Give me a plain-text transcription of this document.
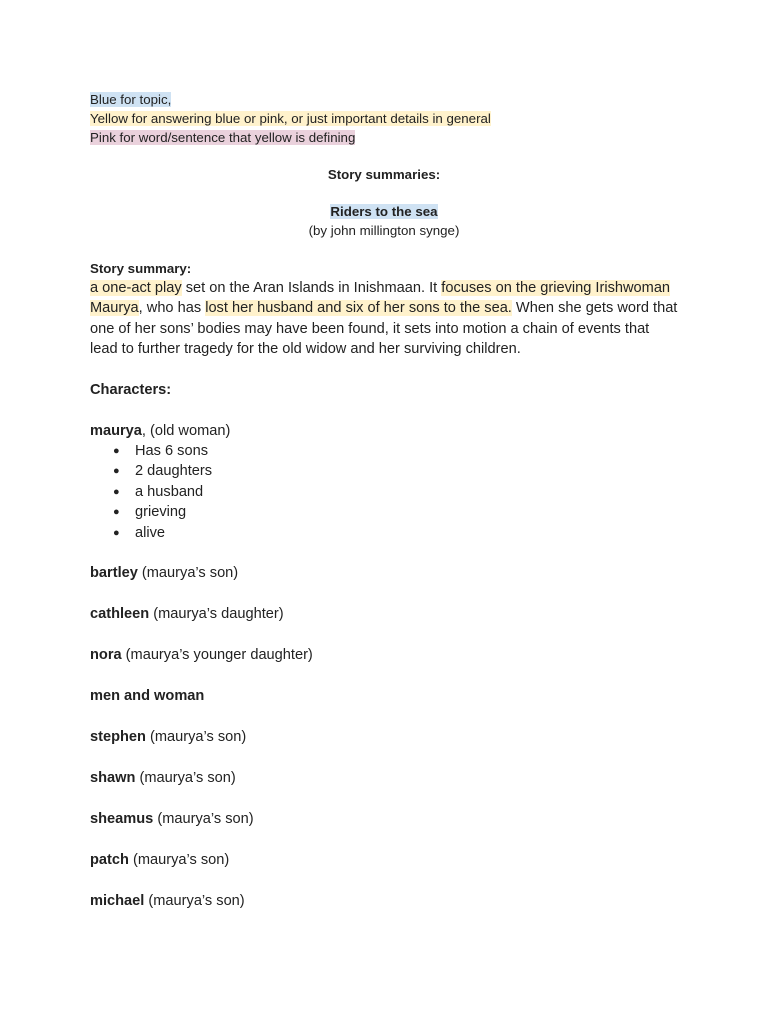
Blue for topic,
Yellow for answering blue or pink, or just important details in general
Pink for word/sentence that yellow is defining
Story summaries:
Riders to the sea
(by john millington synge)
Story summary:
a one-act play set on the Aran Islands in Inishmaan. It focuses on the grieving Irishwoman Maurya, who has lost her husband and six of her sons to the sea. When she gets word that one of her sons’ bodies may have been found, it sets into motion a chain of events that lead to further tragedy for the old widow and her surviving children.
Characters:
maurya, (old woman)
● Has 6 sons
● 2 daughters
● a husband
● grieving
● alive
bartley (maurya’s son)
cathleen (maurya’s daughter)
nora (maurya’s younger daughter)
men and woman
stephen (maurya’s son)
shawn (maurya’s son)
sheamus (maurya’s son)
patch (maurya’s son)
michael (maurya’s son)
